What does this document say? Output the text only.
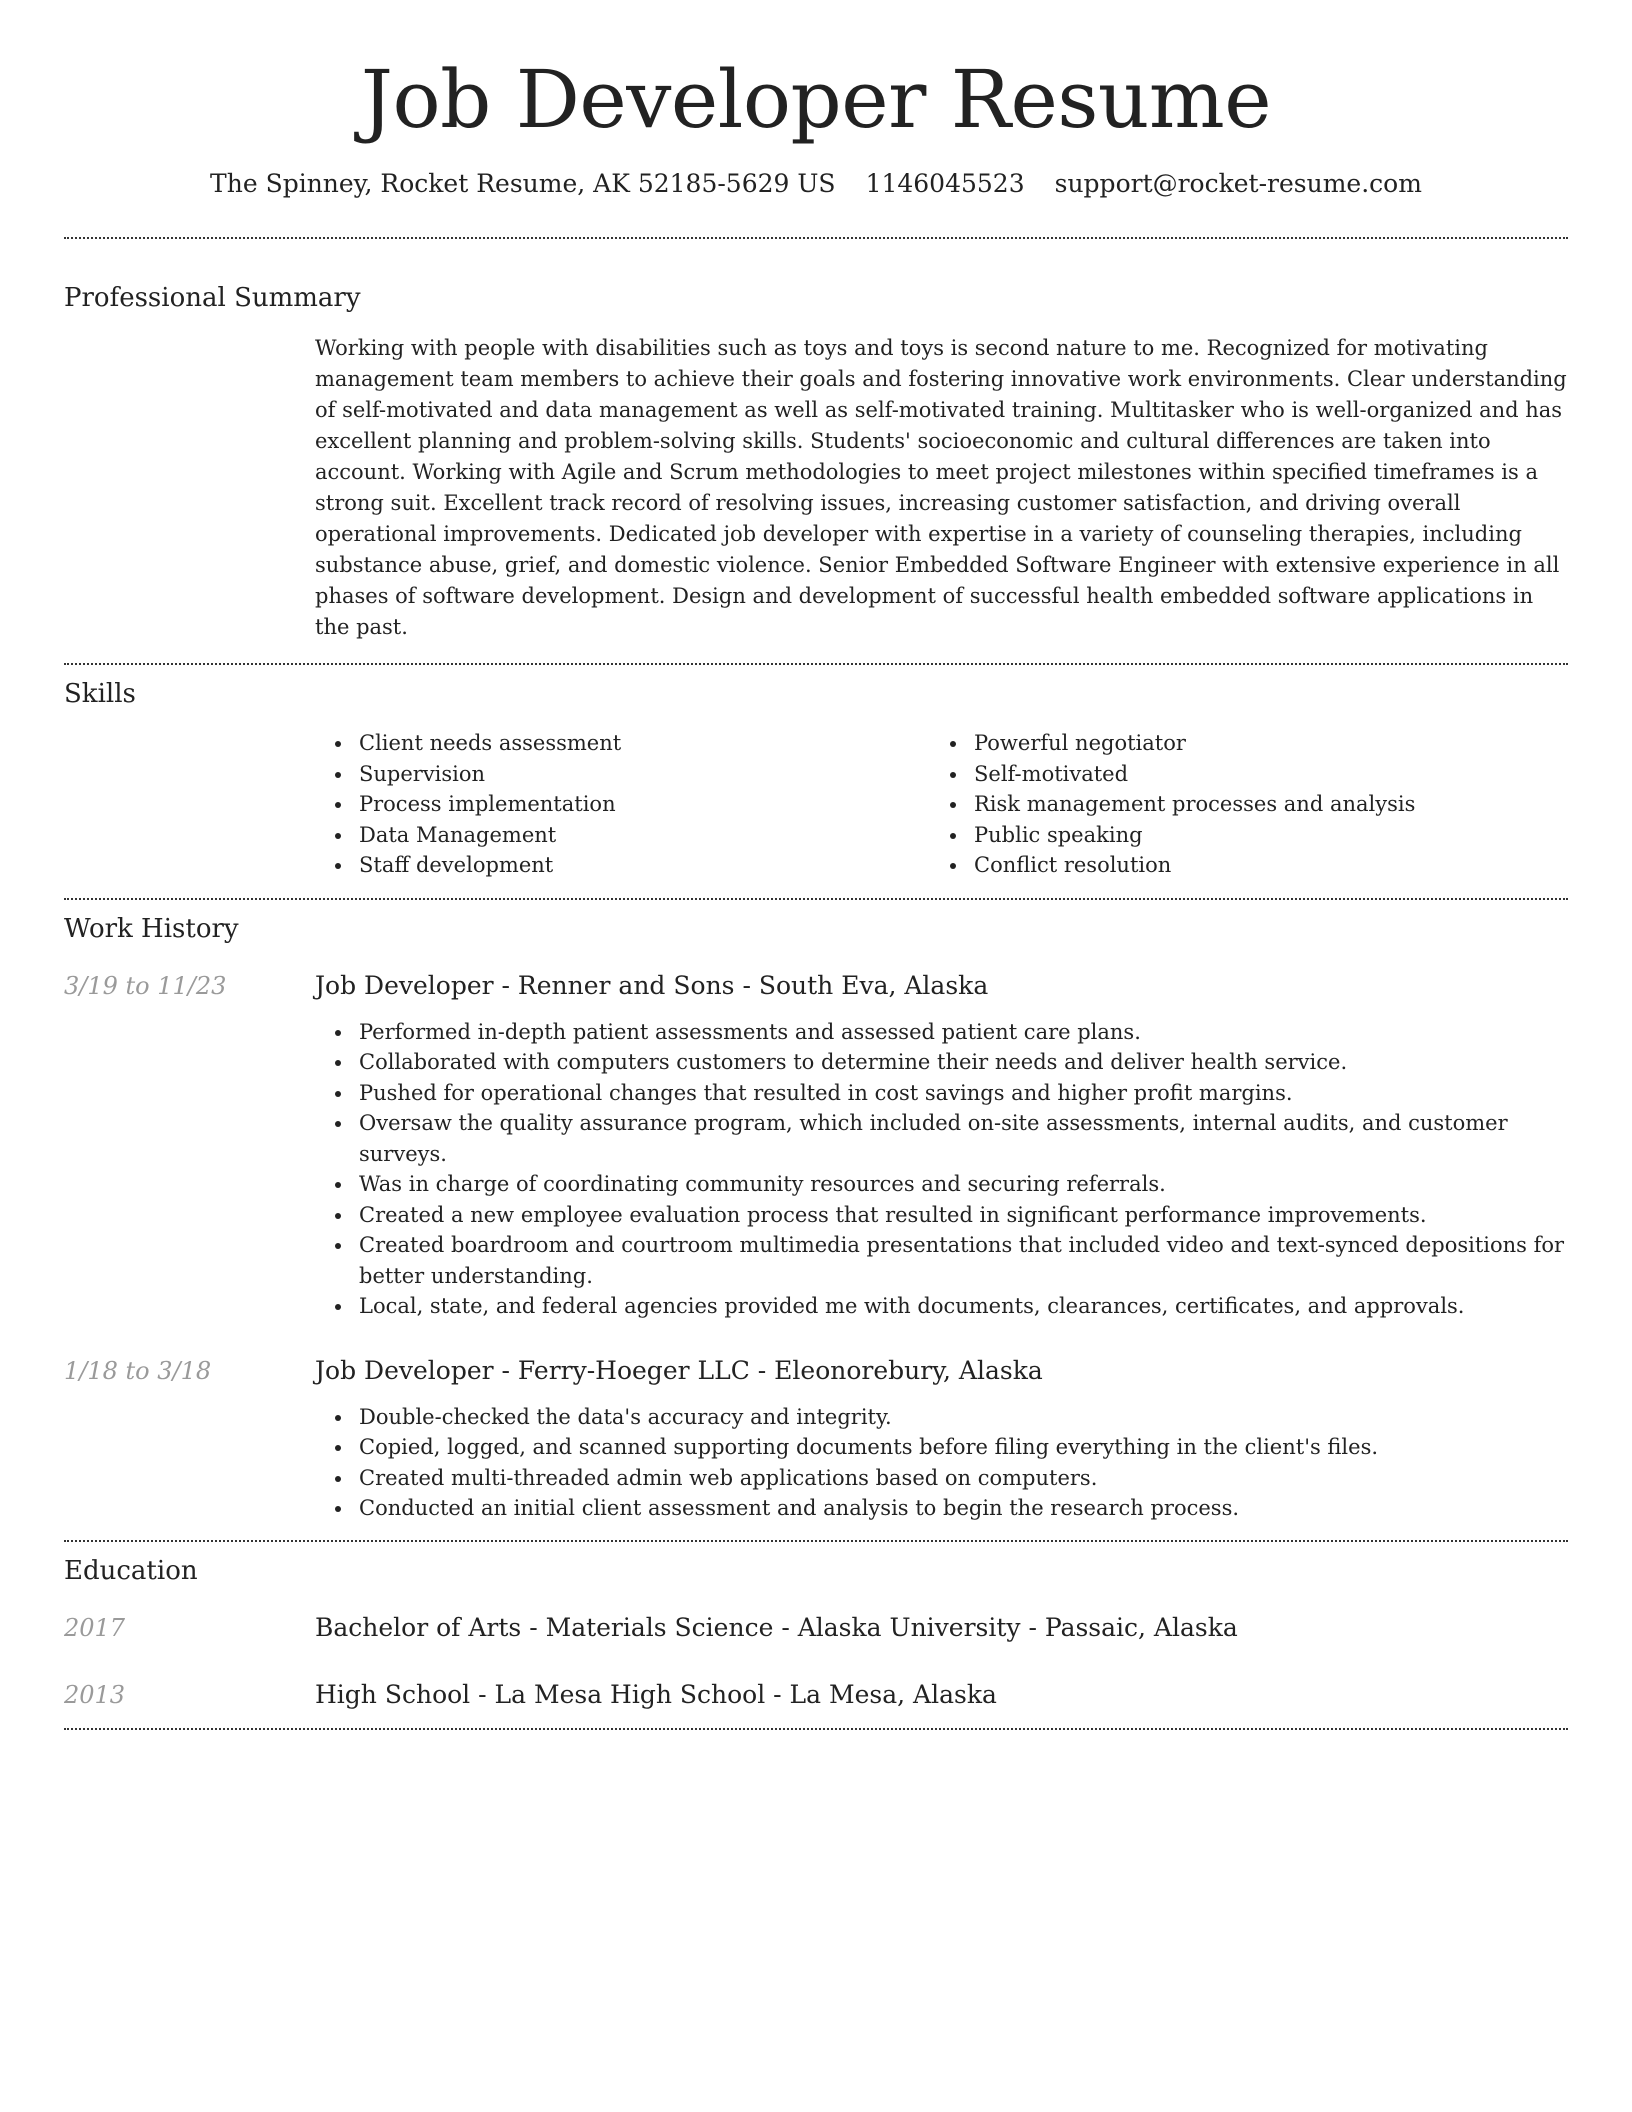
Job Developer Resume
The Spinney, Rocket Resume, AK 52185-5629 US 1146045523 support@rocket-resume.com
Professional Summary
Working with people with disabilities such as toys and toys is second nature to me. Recognized for motivating management team members to achieve their goals and fostering innovative work environments. Clear understanding of self-motivated and data management as well as self-motivated training. Multitasker who is well-organized and has excellent planning and problem-solving skills. Students' socioeconomic and cultural differences are taken into account. Working with Agile and Scrum methodologies to meet project milestones within specified timeframes is a strong suit. Excellent track record of resolving issues, increasing customer satisfaction, and driving overall operational improvements. Dedicated job developer with expertise in a variety of counseling therapies, including substance abuse, grief, and domestic violence. Senior Embedded Software Engineer with extensive experience in all phases of software development. Design and development of successful health embedded software applications in the past.
Skills
Client needs assessment
Supervision
Process implementation
Data Management
Staff development
Powerful negotiator
Self-motivated
Risk management processes and analysis
Public speaking
Conflict resolution
Work History
3/19 to 11/23	Job Developer - Renner and Sons - South Eva, Alaska
Performed in-depth patient assessments and assessed patient care plans.
Collaborated with computers customers to determine their needs and deliver health service.
Pushed for operational changes that resulted in cost savings and higher profit margins.
Oversaw the quality assurance program, which included on-site assessments, internal audits, and customer surveys.
Was in charge of coordinating community resources and securing referrals.
Created a new employee evaluation process that resulted in significant performance improvements.
Created boardroom and courtroom multimedia presentations that included video and text-synced depositions for better understanding.
Local, state, and federal agencies provided me with documents, clearances, certificates, and approvals.
1/18 to 3/18	Job Developer - Ferry-Hoeger LLC - Eleonorebury, Alaska
Double-checked the data's accuracy and integrity.
Copied, logged, and scanned supporting documents before filing everything in the client's files.
Created multi-threaded admin web applications based on computers.
Conducted an initial client assessment and analysis to begin the research process.
Education
2017	Bachelor of Arts - Materials Science - Alaska University - Passaic, Alaska
2013	High School - La Mesa High School - La Mesa, Alaska
